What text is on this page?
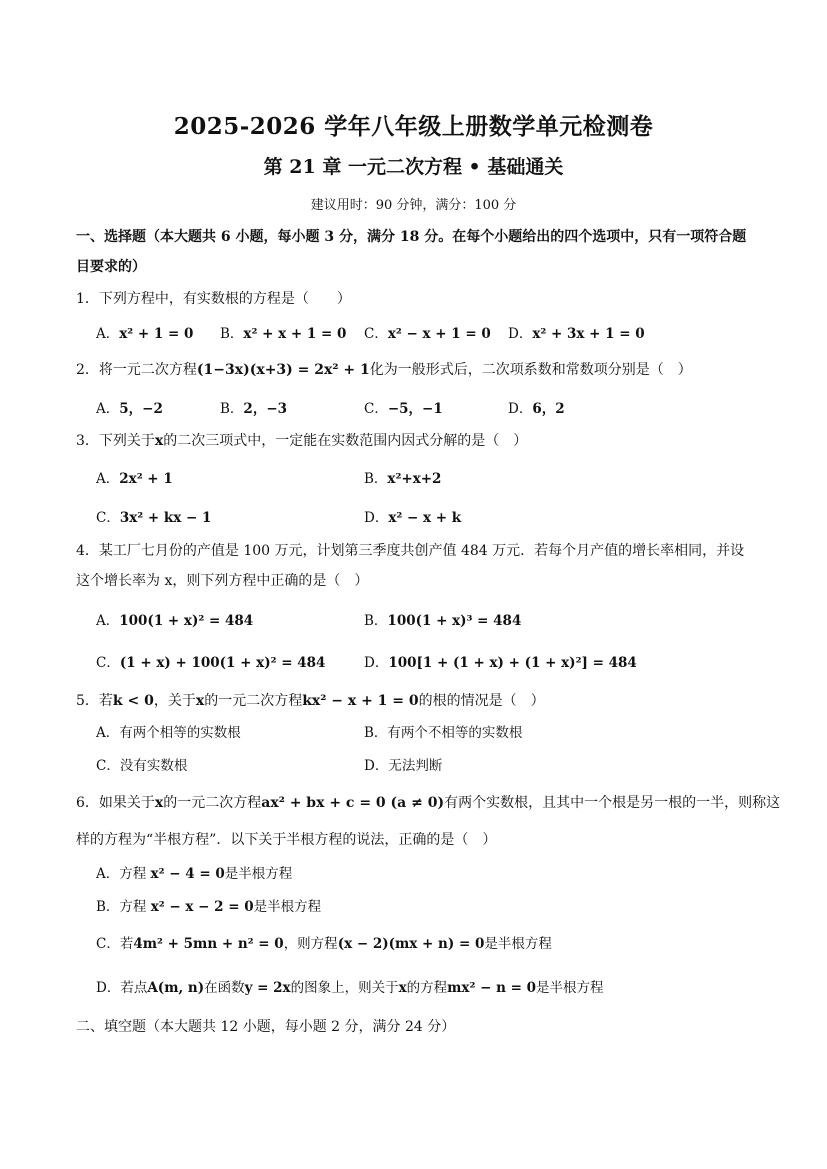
2025-2026 学年八年级上册数学单元检测卷
第 21 章 一元二次方程 • 基础通关
建议用时：90 分钟，满分：100 分
一、选择题（本大题共 6 小题，每小题 3 分，满分 18 分。在每个小题给出的四个选项中，只有一项符合题目要求的）
1．下列方程中，有实数根的方程是（　　）
A．x² + 1 = 0 B．x² + x + 1 = 0 C．x² − x + 1 = 0 D．x² + 3x + 1 = 0
2．将一元二次方程(1−3x)(x+3) = 2x² + 1化为一般形式后，二次项系数和常数项分别是（　）
A．5，−2	B．2，−3	C．−5，−1	D．6，2
3．下列关于x的二次三项式中，一定能在实数范围内因式分解的是（　）
A．2x² + 1	B．x²+x+2
C．3x² + kx − 1	D．x² − x + k
4．某工厂七月份的产值是 100 万元，计划第三季度共创产值 484 万元．若每个月产值的增长率相同，并设
这个增长率为 x，则下列方程中正确的是（　）
A．100(1 + x)² = 484	B．100(1 + x)³ = 484
C．(1 + x) + 100(1 + x)² = 484	D．100[1 + (1 + x) + (1 + x)²] = 484
5．若k < 0，关于x的一元二次方程kx² − x + 1 = 0的根的情况是（　）
A．有两个相等的实数根	B．有两个不相等的实数根
C．没有实数根	D．无法判断
6．如果关于x的一元二次方程ax² + bx + c = 0 (a ≠ 0)有两个实数根，且其中一个根是另一根的一半，则称这
样的方程为“半根方程”．以下关于半根方程的说法，正确的是（　）
A．方程 x² − 4 = 0是半根方程
B．方程 x² − x − 2 = 0是半根方程
C．若4m² + 5mn + n² = 0，则方程(x − 2)(mx + n) = 0是半根方程
D．若点A(m, n)在函数y = 2x的图象上，则关于x的方程mx² − n = 0是半根方程
二、填空题（本大题共 12 小题，每小题 2 分，满分 24 分）
